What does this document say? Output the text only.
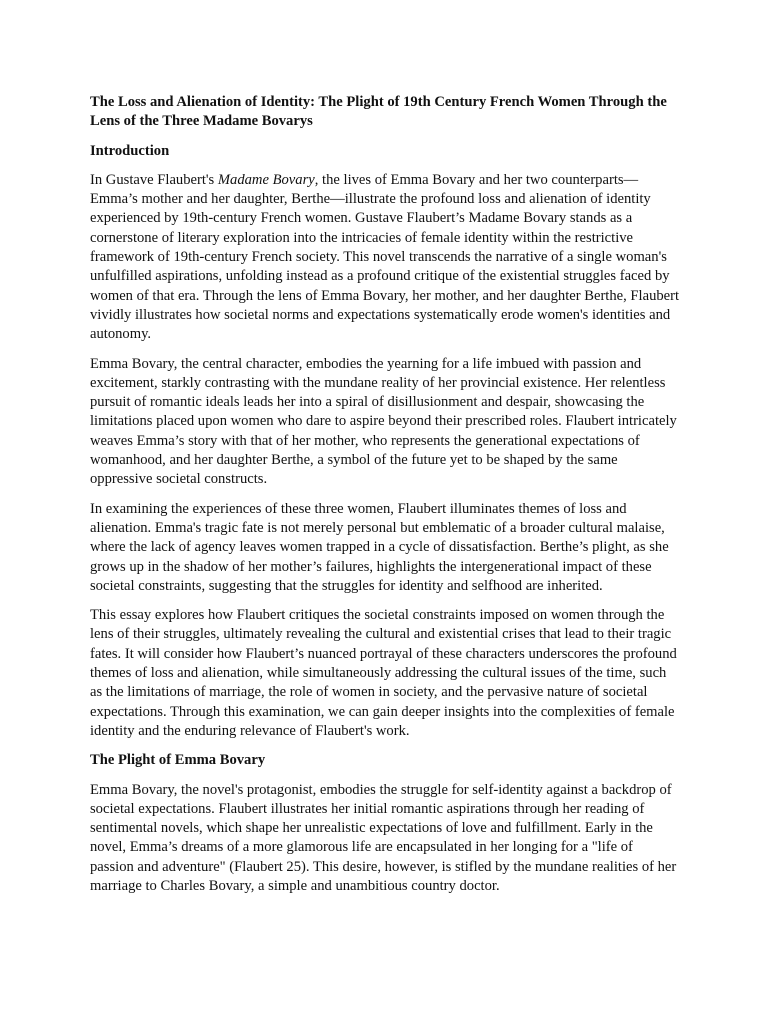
The Loss and Alienation of Identity: The Plight of 19th Century French Women Through the Lens of the Three Madame Bovarys

Introduction

In Gustave Flaubert's Madame Bovary, the lives of Emma Bovary and her two counterparts—Emma’s mother and her daughter, Berthe—illustrate the profound loss and alienation of identity experienced by 19th-century French women. Gustave Flaubert’s Madame Bovary stands as a cornerstone of literary exploration into the intricacies of female identity within the restrictive framework of 19th-century French society. This novel transcends the narrative of a single woman's unfulfilled aspirations, unfolding instead as a profound critique of the existential struggles faced by women of that era. Through the lens of Emma Bovary, her mother, and her daughter Berthe, Flaubert vividly illustrates how societal norms and expectations systematically erode women's identities and autonomy.

Emma Bovary, the central character, embodies the yearning for a life imbued with passion and excitement, starkly contrasting with the mundane reality of her provincial existence. Her relentless pursuit of romantic ideals leads her into a spiral of disillusionment and despair, showcasing the limitations placed upon women who dare to aspire beyond their prescribed roles. Flaubert intricately weaves Emma’s story with that of her mother, who represents the generational expectations of womanhood, and her daughter Berthe, a symbol of the future yet to be shaped by the same oppressive societal constructs.

In examining the experiences of these three women, Flaubert illuminates themes of loss and alienation. Emma's tragic fate is not merely personal but emblematic of a broader cultural malaise, where the lack of agency leaves women trapped in a cycle of dissatisfaction. Berthe’s plight, as she grows up in the shadow of her mother’s failures, highlights the intergenerational impact of these societal constraints, suggesting that the struggles for identity and selfhood are inherited.

This essay explores how Flaubert critiques the societal constraints imposed on women through the lens of their struggles, ultimately revealing the cultural and existential crises that lead to their tragic fates. It will consider how Flaubert’s nuanced portrayal of these characters underscores the profound themes of loss and alienation, while simultaneously addressing the cultural issues of the time, such as the limitations of marriage, the role of women in society, and the pervasive nature of societal expectations. Through this examination, we can gain deeper insights into the complexities of female identity and the enduring relevance of Flaubert's work.

The Plight of Emma Bovary

Emma Bovary, the novel's protagonist, embodies the struggle for self-identity against a backdrop of societal expectations. Flaubert illustrates her initial romantic aspirations through her reading of sentimental novels, which shape her unrealistic expectations of love and fulfillment. Early in the novel, Emma’s dreams of a more glamorous life are encapsulated in her longing for a "life of passion and adventure" (Flaubert 25). This desire, however, is stifled by the mundane realities of her marriage to Charles Bovary, a simple and unambitious country doctor.
